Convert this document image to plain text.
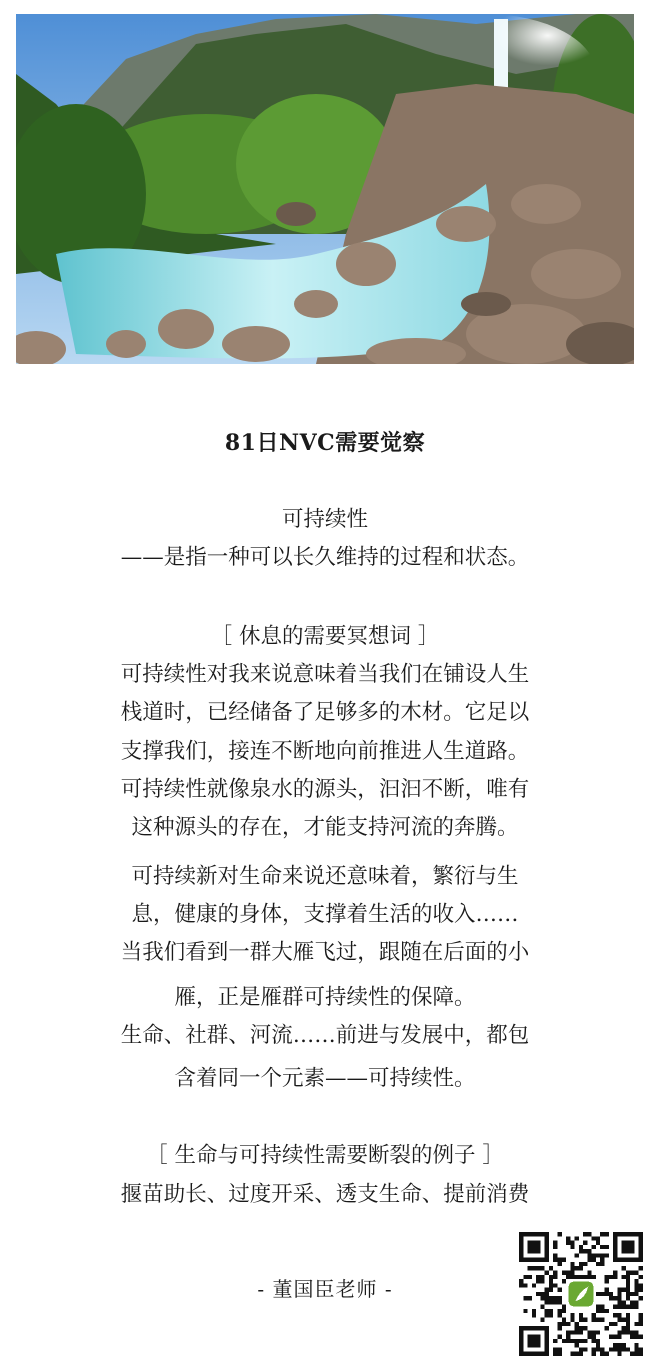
81日NVC需要觉察
可持续性
——是指一种可以长久维持的过程和状态。
［ 休息的需要冥想词 ］
可持续性对我来说意味着当我们在铺设人生
栈道时，已经储备了足够多的木材。它足以
支撑我们，接连不断地向前推进人生道路。
可持续性就像泉水的源头，汩汩不断，唯有
这种源头的存在，才能支持河流的奔腾。
可持续新对生命来说还意味着，繁衍与生
息，健康的身体，支撑着生活的收入……
当我们看到一群大雁飞过，跟随在后面的小
雁，正是雁群可持续性的保障。
生命、社群、河流……前进与发展中，都包
含着同一个元素——可持续性。
［ 生命与可持续性需要断裂的例子 ］
揠苗助长、过度开采、透支生命、提前消费
- 董国臣老师 -
